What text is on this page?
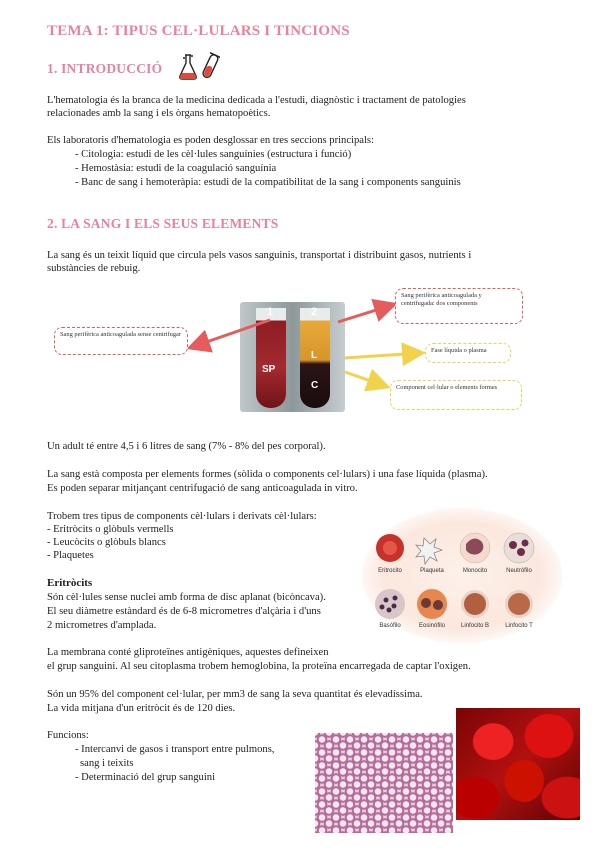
TEMA 1: TIPUS CEL·LULARS I TINCIONS
1. INTRODUCCIÓ
L'hematologia és la branca de la medicina dedicada a l'estudi, diagnòstic i tractament de patologies
relacionades amb la sang i els òrgans hematopoètics.
Els laboratoris d'hematologia es poden desglossar en tres seccions principals:
- Citologia: estudi de les cèl·lules sanguínies (estructura i funció)
- Hemostàsia: estudi de la coagulació sanguínia
- Banc de sang i hemoteràpia: estudi de la compatibilitat de la sang i components sanguinis
2. LA SANG I ELS SEUS ELEMENTS
La sang és un teixit líquid que circula pels vasos sanguinis, transportat i distribuint gasos, nutrients i
substàncies de rebuig.
1	2
SP
L
C
Sang perifèrica anticoagulada sense centrifugar
Sang perifèrica anticoagulada y centrifugada: dos components
Fase líquida o plasma
Component cel·lular o elements formes
Un adult té entre 4,5 i 6 litres de sang (7% - 8% del pes corporal).
La sang està composta per elements formes (sòlida o components cel·lulars) i una fase líquida (plasma).
Es poden separar mitjançant centrifugació de sang anticoagulada in vitro.
Trobem tres tipus de components cèl·lulars i derivats cèl·lulars:
- Eritròcits o glòbuls vermells
- Leucòcits o glòbuls blancs
- Plaquetes
Eritrocito	Plaqueta	Monocito	Neutrófilo
Basófilo	Eosinófilo	Linfocito B	Linfocito T
Eritròcits
Són cèl·lules sense nuclei amb forma de disc aplanat (bicòncava).
El seu diàmetre estàndard és de 6-8 micrometres d'alçària i d'uns
2 micrometres d'amplada.
La membrana conté gliproteïnes antigèniques, aquestes defineixen
el grup sanguini. Al seu citoplasma trobem hemoglobina, la proteïna encarregada de captar l'oxigen.
Són un 95% del component cel·lular, per mm3 de sang la seva quantitat és elevadíssima.
La vida mitjana d'un eritròcit és de 120 dies.
Funcions:
- Intercanvi de gasos i transport entre pulmons,
sang i teixits
- Determinació del grup sanguini
